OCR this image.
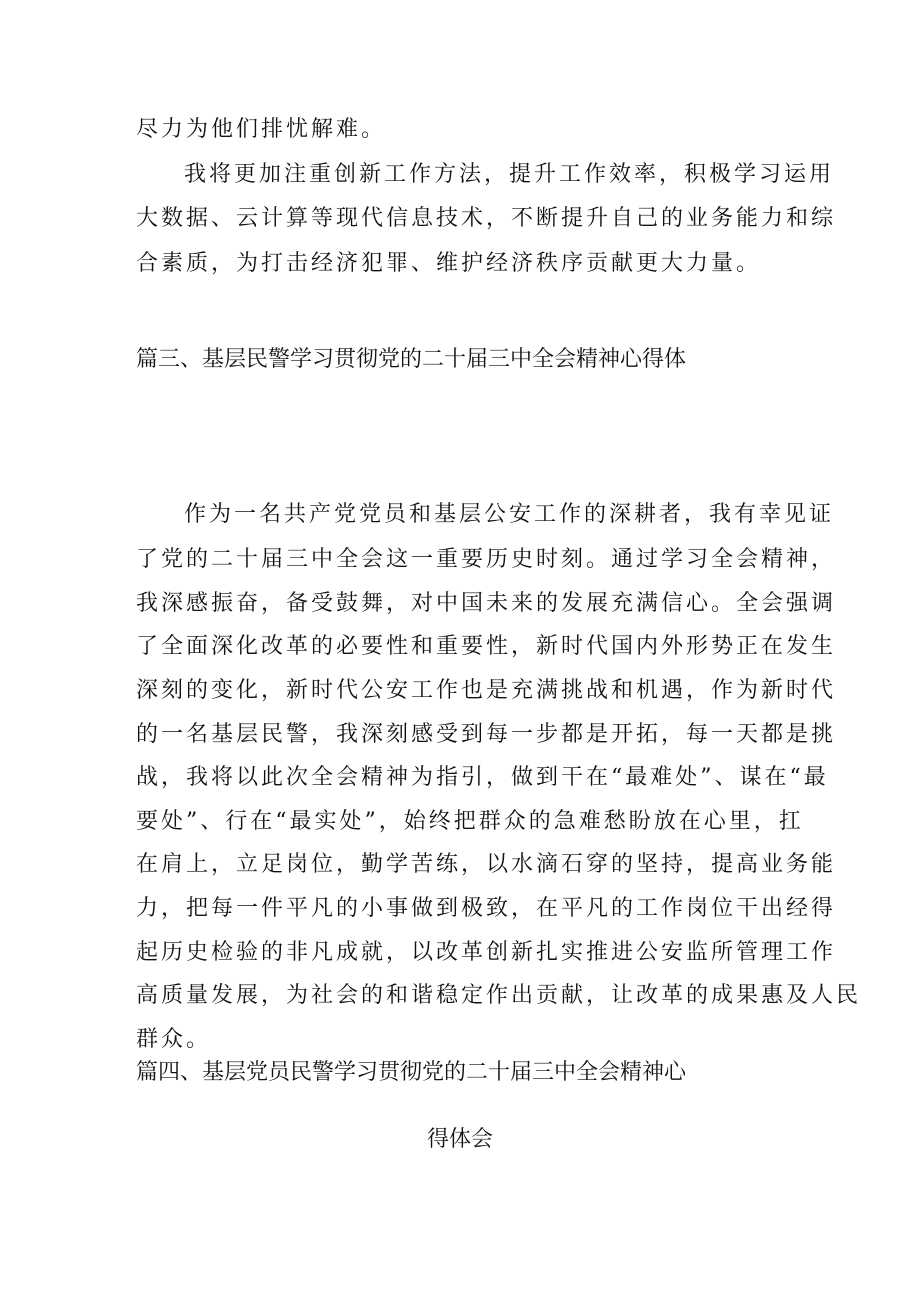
尽力为他们排忧解难。
我将更加注重创新工作方法，提升工作效率，积极学习运用
大数据、云计算等现代信息技术，不断提升自己的业务能力和综
合素质，为打击经济犯罪、维护经济秩序贡献更大力量。
篇三、基层民警学习贯彻党的二十届三中全会精神心得体
作为一名共产党党员和基层公安工作的深耕者，我有幸见证
了党的二十届三中全会这一重要历史时刻。通过学习全会精神，
我深感振奋，备受鼓舞，对中国未来的发展充满信心。全会强调
了全面深化改革的必要性和重要性，新时代国内外形势正在发生
深刻的变化，新时代公安工作也是充满挑战和机遇，作为新时代
的一名基层民警，我深刻感受到每一步都是开拓，每一天都是挑
战，我将以此次全会精神为指引，做到干在“最难处”、谋在“最
要处”、行在“最实处”，始终把群众的急难愁盼放在心里，扛
在肩上，立足岗位，勤学苦练，以水滴石穿的坚持，提高业务能
力，把每一件平凡的小事做到极致，在平凡的工作岗位干出经得
起历史检验的非凡成就，以改革创新扎实推进公安监所管理工作
高质量发展，为社会的和谐稳定作出贡献，让改革的成果惠及人民
群众。
篇四、基层党员民警学习贯彻党的二十届三中全会精神心
得体会
